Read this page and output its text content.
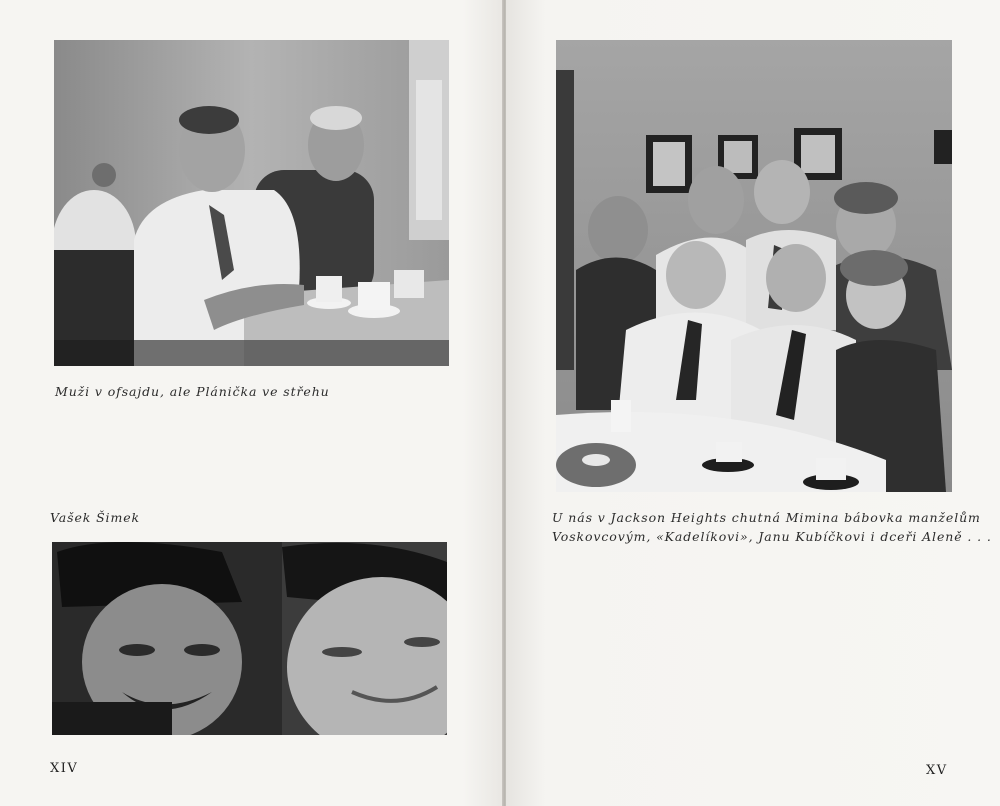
Muži v ofsajdu, ale Plánička ve střehu
Vašek Šimek
XIV
U nás v Jackson Heights chutná Mimina bábovka manželům
Voskovcovým, «Kadelíkovi», Janu Kubíčkovi i dceři Aleně . . .
XV
